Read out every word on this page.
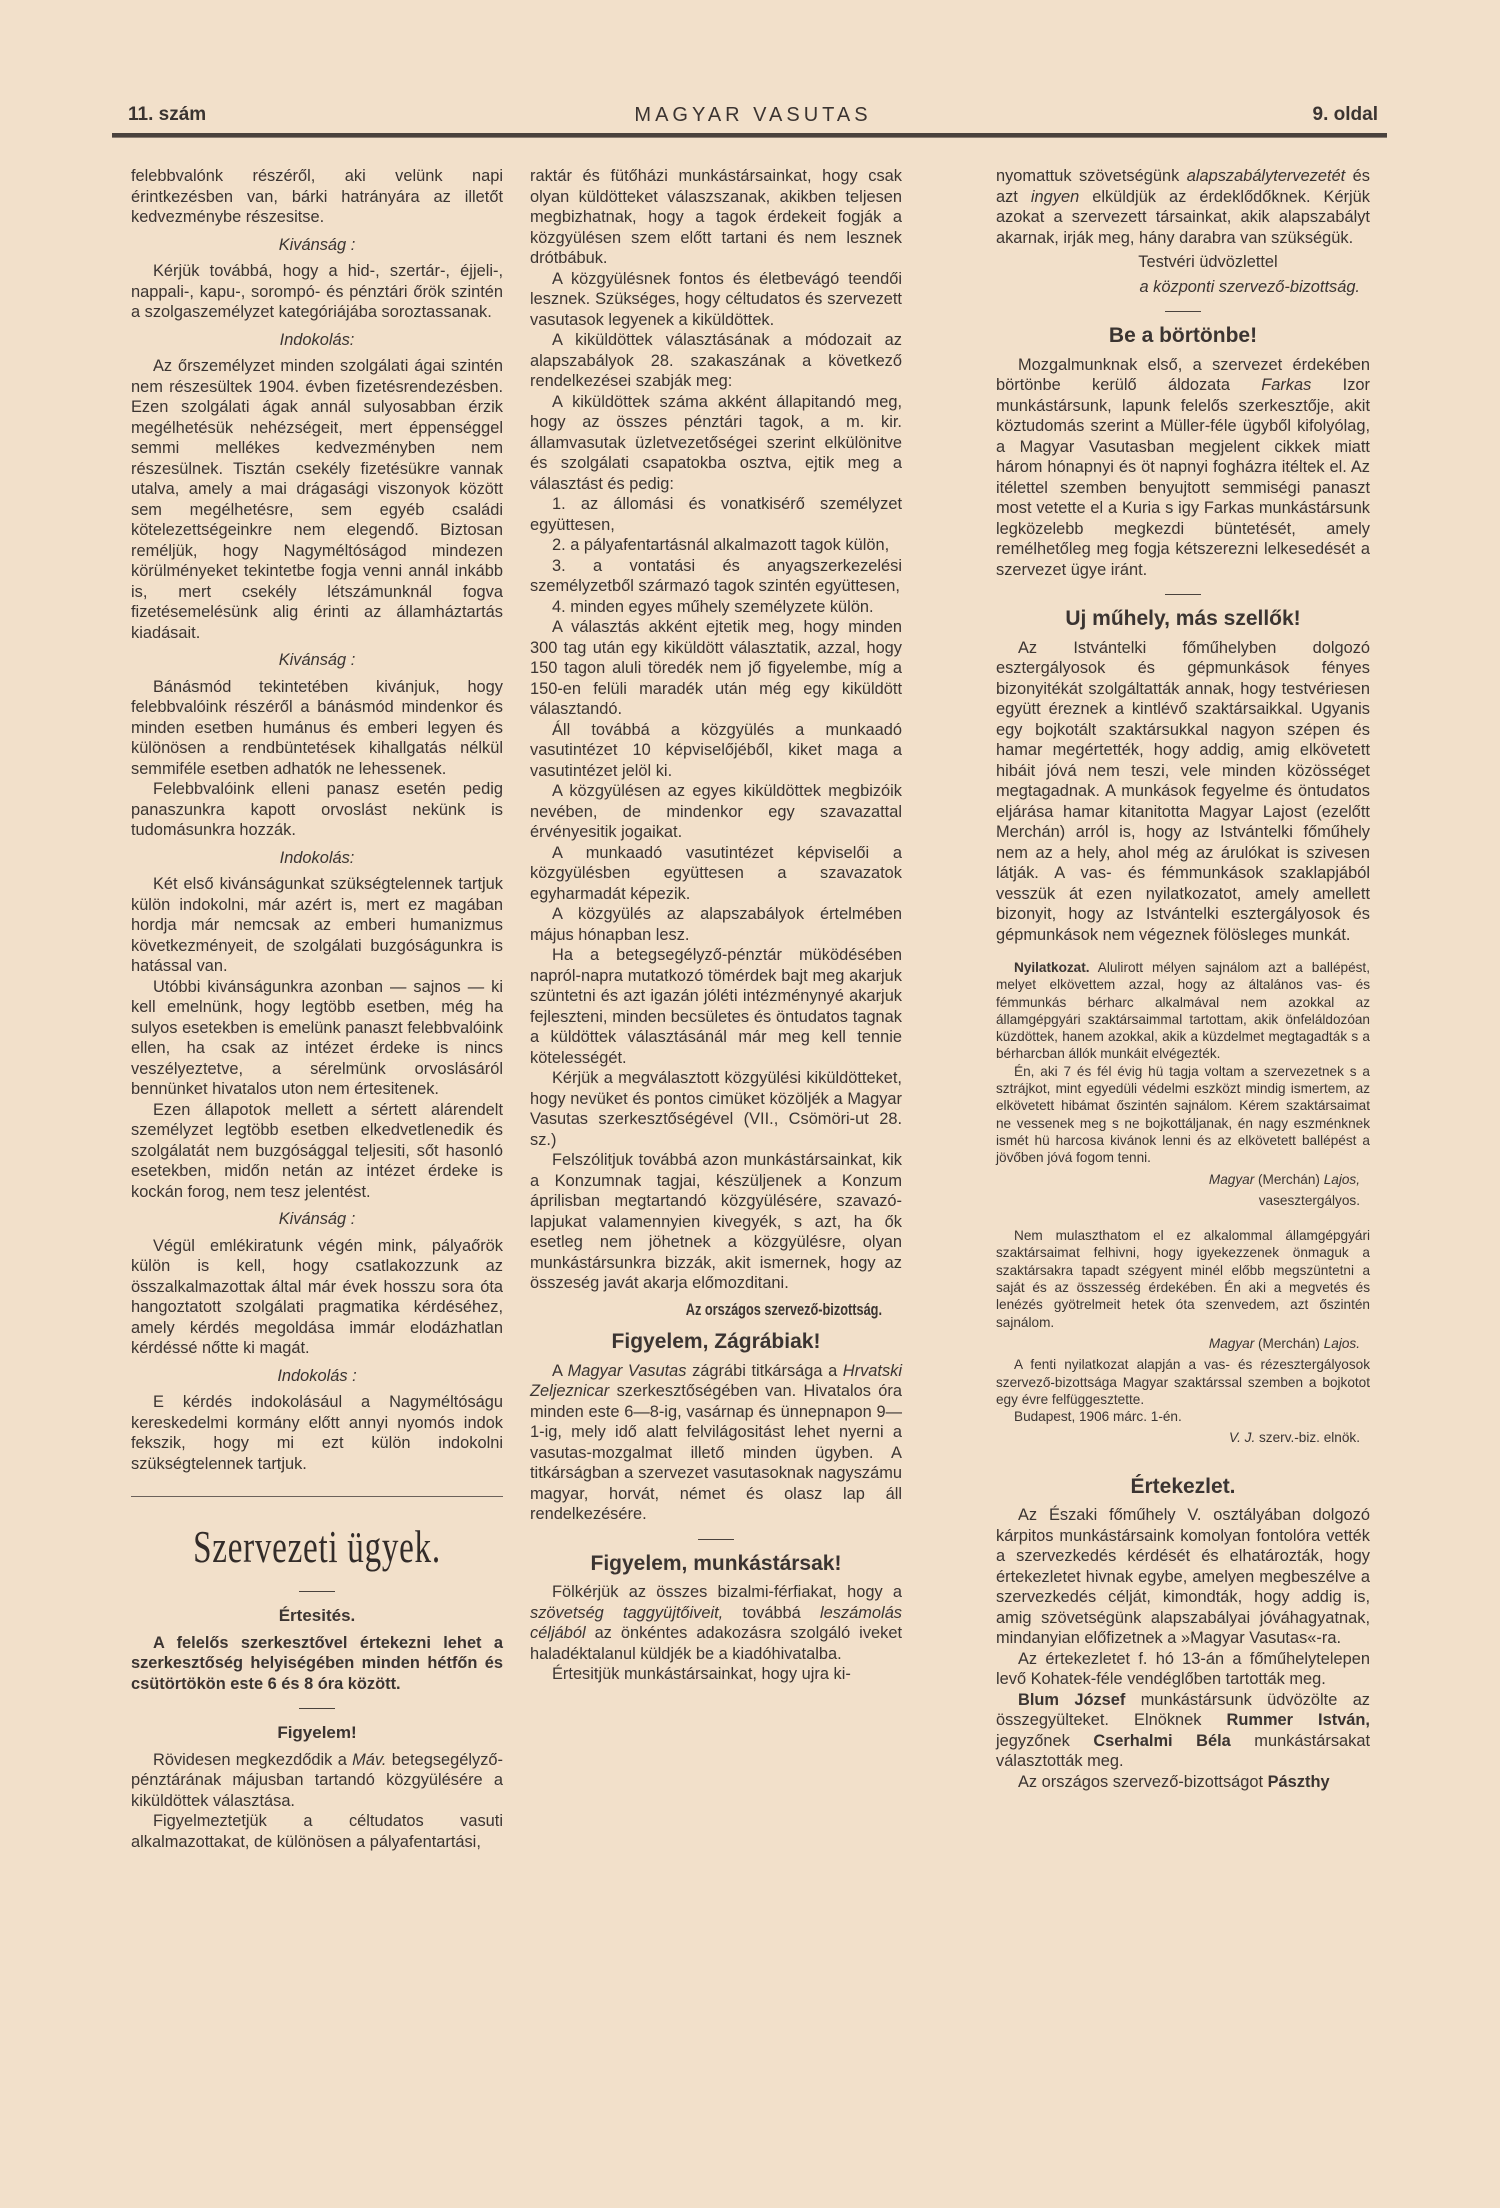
11. szám	MAGYAR VASUTAS	9. oldal
felebbvalónk részéről, aki velünk napi érintkezésben van, bárki hatrányára az illetőt kedvezménybe részesitse.
Kivánság :
Kérjük továbbá, hogy a hid-, szertár-, éjjeli-, nappali-, kapu-, sorompó- és pénztári őrök szintén a szolgaszemélyzet kategóriájába soroztassanak.
Indokolás:
Az őrszemélyzet minden szolgálati ágai szintén nem részesültek 1904. évben fizetésrendezésben. Ezen szolgálati ágak annál sulyosabban érzik megélhetésük nehézségeit, mert éppenséggel semmi mellékes kedvezményben nem részesülnek. Tisztán csekély fizetésükre vannak utalva, amely a mai drágasági viszonyok között sem megélhetésre, sem egyéb családi kötelezettségeinkre nem elegendő. Biztosan reméljük, hogy Nagyméltóságod mindezen körülményeket tekintetbe fogja venni annál inkább is, mert csekély létszámunknál fogva fizetésemelésünk alig érinti az államháztartás kiadásait.
Kivánság :
Bánásmód tekintetében kivánjuk, hogy felebbvalóink részéről a bánásmód mindenkor és minden esetben humánus és emberi legyen és különösen a rendbüntetések kihallgatás nélkül semmiféle esetben adhatók ne lehessenek.
Felebbvalóink elleni panasz esetén pedig panaszunkra kapott orvoslást nekünk is tudomásunkra hozzák.
Indokolás:
Két első kivánságunkat szükségtelennek tartjuk külön indokolni, már azért is, mert ez magában hordja már nemcsak az emberi humanizmus következményeit, de szolgálati buzgóságunkra is hatással van.
Utóbbi kivánságunkra azonban — sajnos — ki kell emelnünk, hogy legtöbb esetben, még ha sulyos esetekben is emelünk panaszt felebbvalóink ellen, ha csak az intézet érdeke is nincs veszélyeztetve, a sérelmünk orvoslásáról bennünket hivatalos uton nem értesitenek.
Ezen állapotok mellett a sértett alárendelt személyzet legtöbb esetben elkedvetlenedik és szolgálatát nem buzgósággal teljesiti, sőt hasonló esetekben, midőn netán az intézet érdeke is kockán forog, nem tesz jelentést.
Kivánság :
Végül emlékiratunk végén mink, pályaőrök külön is kell, hogy csatlakozzunk az összalkalmazottak által már évek hosszu sora óta hangoztatott szolgálati pragmatika kérdéséhez, amely kérdés megoldása immár elodázhatlan kérdéssé nőtte ki magát.
Indokolás :
E kérdés indokolásául a Nagyméltóságu kereskedelmi kormány előtt annyi nyomós indok fekszik, hogy mi ezt külön indokolni szükségtelennek tartjuk.
Szervezeti ügyek.
Értesités.
A felelős szerkesztővel értekezni lehet a szerkesztőség helyiségében minden hétfőn és csütörtökön este 6 és 8 óra között.
Figyelem!
Rövidesen megkezdődik a Máv. betegsegélyző-pénztárának májusban tartandó közgyülésére a kiküldöttek választása.
Figyelmeztetjük a céltudatos vasuti alkalmazottakat, de különösen a pályafentartási,
raktár és fütőházi munkástársainkat, hogy csak olyan küldötteket válaszszanak, akikben teljesen megbizhatnak, hogy a tagok érdekeit fogják a közgyülésen szem előtt tartani és nem lesznek drótbábuk.
A közgyülésnek fontos és életbevágó teendői lesznek. Szükséges, hogy céltudatos és szervezett vasutasok legyenek a kiküldöttek.
A kiküldöttek választásának a módozait az alapszabályok 28. szakaszának a következő rendelkezései szabják meg:
A kiküldöttek száma akként állapitandó meg, hogy az összes pénztári tagok, a m. kir. államvasutak üzletvezetőségei szerint elkülönitve és szolgálati csapatokba osztva, ejtik meg a választást és pedig:
1. az állomási és vonatkisérő személyzet együttesen,
2. a pályafentartásnál alkalmazott tagok külön,
3. a vontatási és anyagszerkezelési személyzetből származó tagok szintén együttesen,
4. minden egyes műhely személyzete külön.
A választás akként ejtetik meg, hogy minden 300 tag után egy kiküldött választatik, azzal, hogy 150 tagon aluli töredék nem jő figyelembe, míg a 150-en felüli maradék után még egy kiküldött választandó.
Áll továbbá a közgyülés a munkaadó vasutintézet 10 képviselőjéből, kiket maga a vasutintézet jelöl ki.
A közgyülésen az egyes kiküldöttek megbizóik nevében, de mindenkor egy szavazattal érvényesitik jogaikat.
A munkaadó vasutintézet képviselői a közgyülésben együttesen a szavazatok egyharmadát képezik.
A közgyülés az alapszabályok értelmében május hónapban lesz.
Ha a betegsegélyző-pénztár müködésében napról-napra mutatkozó tömérdek bajt meg akarjuk szüntetni és azt igazán jóléti intézménynyé akarjuk fejleszteni, minden becsületes és öntudatos tagnak a küldöttek választásánál már meg kell tennie kötelességét.
Kérjük a megválasztott közgyülési kiküldötteket, hogy nevüket és pontos cimüket közöljék a Magyar Vasutas szerkesztőségével (VII., Csömöri-ut 28. sz.)
Felszólitjuk továbbá azon munkástársainkat, kik a Konzumnak tagjai, készüljenek a Konzum áprilisban megtartandó közgyülésére, szavazó-lapjukat valamennyien kivegyék, s azt, ha ők esetleg nem jöhetnek a közgyülésre, olyan munkástársunkra bizzák, akit ismernek, hogy az összeség javát akarja előmozditani.
Az országos szervező-bizottság.
Figyelem, Zágrábiak!
A Magyar Vasutas zágrábi titkársága a Hrvatski Zeljeznicar szerkesztőségében van. Hivatalos óra minden este 6—8-ig, vasárnap és ünnepnapon 9—1-ig, mely idő alatt felvilágositást lehet nyerni a vasutas-mozgalmat illető minden ügyben. A titkárságban a szervezet vasutasoknak nagyszámu magyar, horvát, német és olasz lap áll rendelkezésére.
Figyelem, munkástársak!
Fölkérjük az összes bizalmi-férfiakat, hogy a szövetség taggyüjtőiveit, továbbá leszámolás céljából az önkéntes adakozásra szolgáló iveket haladéktalanul küldjék be a kiadóhivatalba.
Értesitjük munkástársainkat, hogy ujra ki-
nyomattuk szövetségünk alapszabálytervezetét és azt ingyen elküldjük az érdeklődőknek. Kérjük azokat a szervezett társainkat, akik alapszabályt akarnak, irják meg, hány darabra van szükségük.
Testvéri üdvözlettel
a központi szervező-bizottság.
Be a börtönbe!
Mozgalmunknak első, a szervezet érdekében börtönbe kerülő áldozata Farkas Izor munkástársunk, lapunk felelős szerkesztője, akit köztudomás szerint a Müller-féle ügyből kifolyólag, a Magyar Vasutasban megjelent cikkek miatt három hónapnyi és öt napnyi fogházra itéltek el. Az itélettel szemben benyujtott semmiségi panaszt most vetette el a Kuria s igy Farkas munkástársunk legközelebb megkezdi büntetését, amely remélhetőleg meg fogja kétszerezni lelkesedését a szervezet ügye iránt.
Uj műhely, más szellők!
Az Istvántelki főműhelyben dolgozó esztergályosok és gépmunkások fényes bizonyitékát szolgáltatták annak, hogy testvériesen együtt éreznek a kintlévő szaktársaikkal. Ugyanis egy bojkotált szaktársukkal nagyon szépen és hamar megértették, hogy addig, amig elkövetett hibáit jóvá nem teszi, vele minden közösséget megtagadnak. A munkások fegyelme és öntudatos eljárása hamar kitanitotta Magyar Lajost (ezelőtt Merchán) arról is, hogy az Istvántelki főműhely nem az a hely, ahol még az árulókat is szivesen látják. A vas- és fémmunkások szaklapjából vesszük át ezen nyilatkozatot, amely amellett bizonyit, hogy az Istvántelki esztergályosok és gépmunkások nem végeznek fölösleges munkát.
Nyilatkozat. Alulirott mélyen sajnálom azt a ballépést, melyet elkövettem azzal, hogy az általános vas- és fémmunkás bérharc alkalmával nem azokkal az államgépgyári szaktársaimmal tartottam, akik önfeláldozóan küzdöttek, hanem azokkal, akik a küzdelmet megtagadták s a bérharcban állók munkáit elvégezték.
Én, aki 7 és fél évig hü tagja voltam a szervezetnek s a sztrájkot, mint egyedüli védelmi eszközt mindig ismertem, az elkövetett hibámat őszintén sajnálom. Kérem szaktársaimat ne vessenek meg s ne bojkottáljanak, én nagy eszménknek ismét hü harcosa kivánok lenni és az elkövetett ballépést a jövőben jóvá fogom tenni.
Magyar (Merchán) Lajos,
vasesztergályos.
Nem mulaszthatom el ez alkalommal államgépgyári szaktársaimat felhivni, hogy igyekezzenek önmaguk a szaktársakra tapadt szégyent minél előbb megszüntetni a saját és az összesség érdekében. Én aki a megvetés és lenézés gyötrelmeit hetek óta szenvedem, azt őszintén sajnálom.
Magyar (Merchán) Lajos.
A fenti nyilatkozat alapján a vas- és rézesztergályosok szervező-bizottsága Magyar szaktárssal szemben a bojkotot egy évre felfüggesztette.
Budapest, 1906 márc. 1-én.
V. J. szerv.-biz. elnök.
Értekezlet.
Az Északi főműhely V. osztályában dolgozó kárpitos munkástársaink komolyan fontolóra vették a szervezkedés kérdését és elhatározták, hogy értekezletet hivnak egybe, amelyen megbeszélve a szervezkedés célját, kimondták, hogy addig is, amig szövetségünk alapszabályai jóváhagyatnak, mindanyian előfizetnek a »Magyar Vasutas«-ra.
Az értekezletet f. hó 13-án a főműhelytelepen levő Kohatek-féle vendéglőben tartották meg.
Blum József munkástársunk üdvözölte az összegyülteket. Elnöknek Rummer István, jegyzőnek Cserhalmi Béla munkástársakat választották meg.
Az országos szervező-bizottságot Pászthy
